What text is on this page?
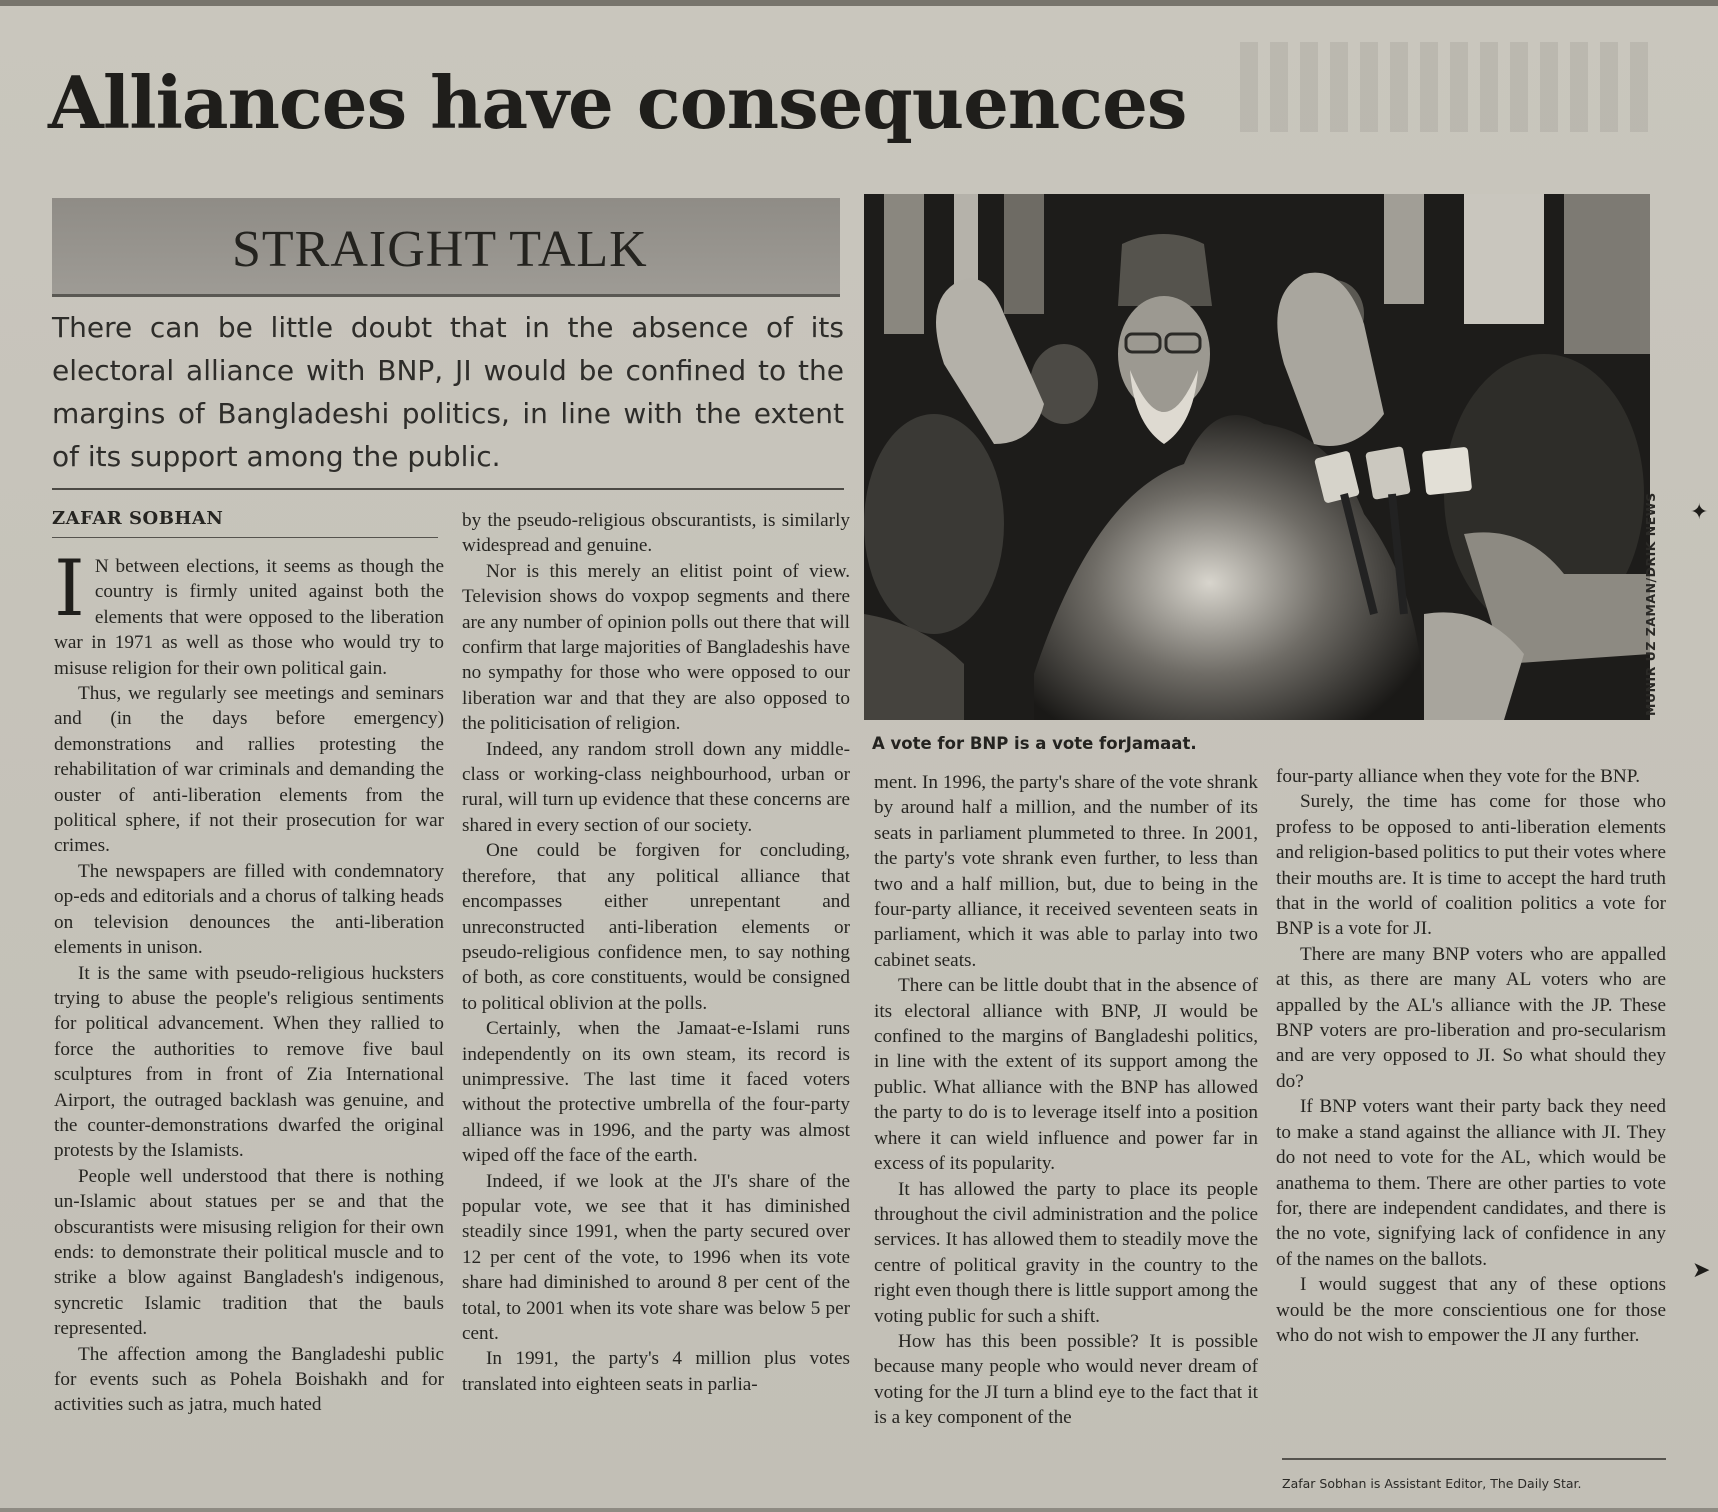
Alliances have consequences
STRAIGHT TALK

There can be little doubt that in the absence of its electoral alliance with BNP, JI would be confined to the margins of Bangladeshi politics, in line with the extent of its support among the public.

ZAFAR SOBHAN

I N between elections, it seems as though the country is firmly united against both the elements that were opposed to the liberation war in 1971 as well as those who would try to misuse religion for their own political gain.

Thus, we regularly see meetings and seminars and (in the days before emergency) demonstrations and rallies protesting the rehabilitation of war criminals and demanding the ouster of anti-liberation elements from the political sphere, if not their prosecution for war crimes.

The newspapers are filled with condemnatory op-eds and editorials and a chorus of talking heads on television denounces the anti-liberation elements in unison.

It is the same with pseudo-religious hucksters trying to abuse the people's religious sentiments for political advancement. When they rallied to force the authorities to remove five baul sculptures from in front of Zia International Airport, the outraged backlash was genuine, and the counter-demonstrations dwarfed the original protests by the Islamists.

People well understood that there is nothing un-Islamic about statues per se and that the obscurantists were misusing religion for their own ends: to demonstrate their political muscle and to strike a blow against Bangladesh's indigenous, syncretic Islamic tradition that the bauls represented.

The affection among the Bangladeshi public for events such as Pohela Boishakh and for activities such as jatra, much hated

by the pseudo-religious obscurantists, is similarly widespread and genuine.

Nor is this merely an elitist point of view. Television shows do voxpop segments and there are any number of opinion polls out there that will confirm that large majorities of Bangladeshis have no sympathy for those who were opposed to our liberation war and that they are also opposed to the politicisation of religion.

Indeed, any random stroll down any middle-class or working-class neighbourhood, urban or rural, will turn up evidence that these concerns are shared in every section of our society.

One could be forgiven for concluding, therefore, that any political alliance that encompasses either unrepentant and unreconstructed anti-liberation elements or pseudo-religious confidence men, to say nothing of both, as core constituents, would be consigned to political oblivion at the polls.

Certainly, when the Jamaat-e-Islami runs independently on its own steam, its record is unimpressive. The last time it faced voters without the protective umbrella of the four-party alliance was in 1996, and the party was almost wiped off the face of the earth.

Indeed, if we look at the JI's share of the popular vote, we see that it has diminished steadily since 1991, when the party secured over 12 per cent of the vote, to 1996 when its vote share had diminished to around 8 per cent of the total, to 2001 when its vote share was below 5 per cent.

In 1991, the party's 4 million plus votes translated into eighteen seats in parlia-

MUNIR UZ ZAMAN/DRIK NEWS
A vote for BNP is a vote forJamaat.

ment. In 1996, the party's share of the vote shrank by around half a million, and the number of its seats in parliament plummeted to three. In 2001, the party's vote shrank even further, to less than two and a half million, but, due to being in the four-party alliance, it received seventeen seats in parliament, which it was able to parlay into two cabinet seats.

There can be little doubt that in the absence of its electoral alliance with BNP, JI would be confined to the margins of Bangladeshi politics, in line with the extent of its support among the public. What alliance with the BNP has allowed the party to do is to leverage itself into a position where it can wield influence and power far in excess of its popularity.

It has allowed the party to place its people throughout the civil administration and the police services. It has allowed them to steadily move the centre of political gravity in the country to the right even though there is little support among the voting public for such a shift.

How has this been possible? It is possible because many people who would never dream of voting for the JI turn a blind eye to the fact that it is a key component of the

four-party alliance when they vote for the BNP.

Surely, the time has come for those who profess to be opposed to anti-liberation elements and religion-based politics to put their votes where their mouths are. It is time to accept the hard truth that in the world of coalition politics a vote for BNP is a vote for JI.

There are many BNP voters who are appalled at this, as there are many AL voters who are appalled by the AL's alliance with the JP. These BNP voters are pro-liberation and pro-secularism and are very opposed to JI. So what should they do?

If BNP voters want their party back they need to make a stand against the alliance with JI. They do not need to vote for the AL, which would be anathema to them. There are other parties to vote for, there are independent candidates, and there is the no vote, signifying lack of confidence in any of the names on the ballots.

I would suggest that any of these options would be the more conscientious one for those who do not wish to empower the JI any further.

Zafar Sobhan is Assistant Editor, The Daily Star.
✦
➤
